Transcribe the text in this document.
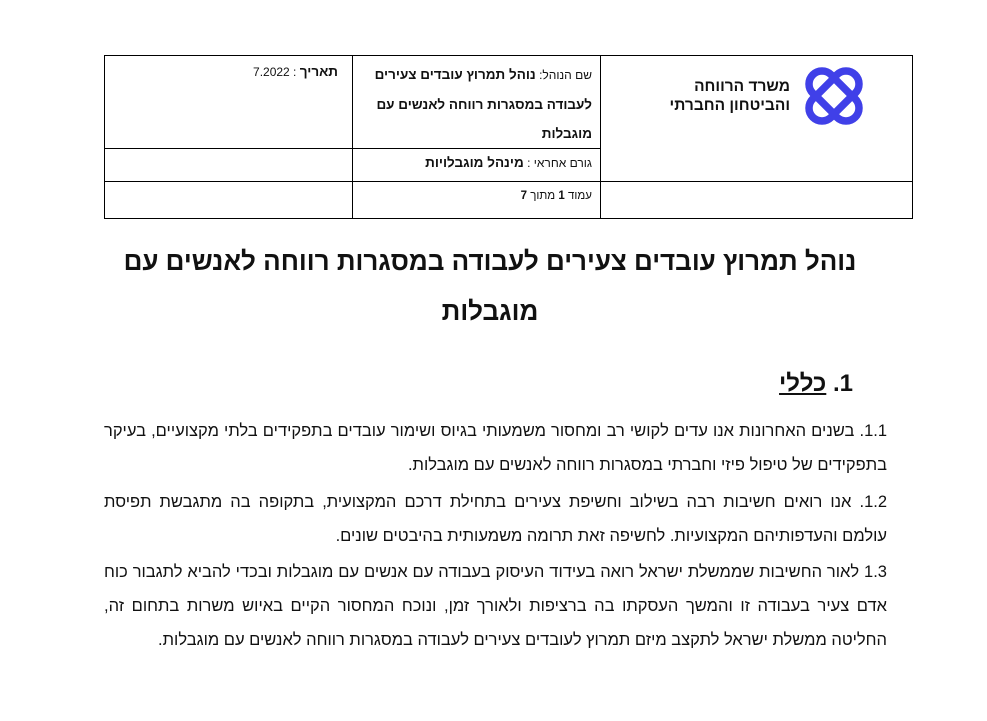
משרד הרווחה
והביטחון החברתי	שם הנוהל: נוהל תמרוץ עובדים צעירים לעבודה במסגרות רווחה לאנשים עם מוגבלות	תאריך : 7.2022
	גורם אחראי : מינהל מוגבלויות	
	עמוד 1 מתוך 7	
נוהל תמרוץ עובדים צעירים לעבודה במסגרות רווחה לאנשים עם מוגבלות
1. כללי

1.1. בשנים האחרונות אנו עדים לקושי רב ומחסור משמעותי בגיוס ושימור עובדים בתפקידים בלתי מקצועיים, בעיקר בתפקידים של טיפול פיזי וחברתי במסגרות רווחה לאנשים עם מוגבלות.

1.2. אנו רואים חשיבות רבה בשילוב וחשיפת צעירים בתחילת דרכם המקצועית, בתקופה בה מתגבשת תפיסת עולמם והעדפותיהם המקצועיות. לחשיפה זאת תרומה משמעותית בהיבטים שונים.

1.3 לאור החשיבות שממשלת ישראל רואה בעידוד העיסוק בעבודה עם אנשים עם מוגבלות ובכדי להביא לתגבור כוח אדם צעיר בעבודה זו והמשך העסקתו בה ברציפות ולאורך זמן, ונוכח המחסור הקיים באיוש משרות בתחום זה, החליטה ממשלת ישראל לתקצב מיזם תמרוץ לעובדים צעירים לעבודה במסגרות רווחה לאנשים עם מוגבלות.
